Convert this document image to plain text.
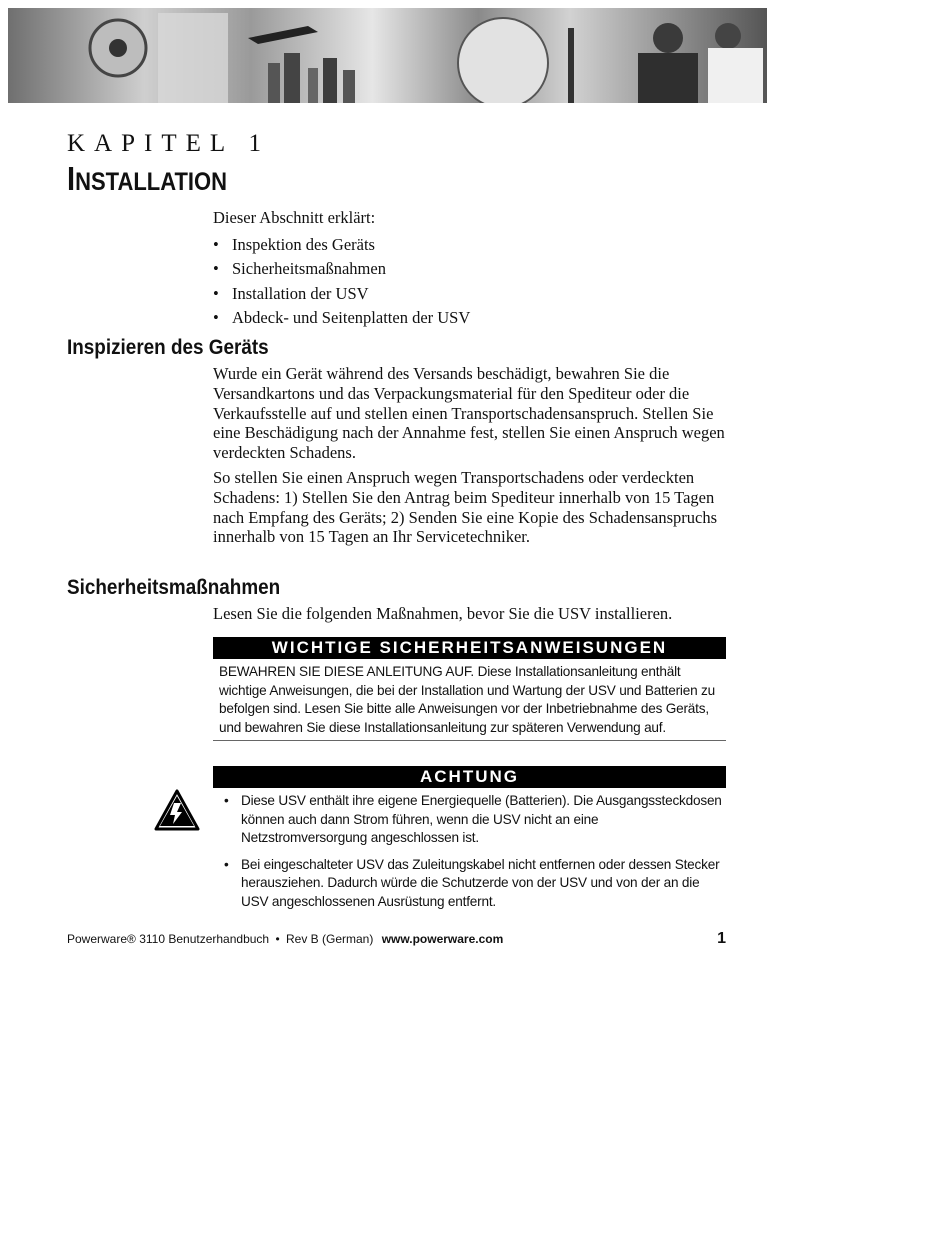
KAPITEL 1
INSTALLATION
Dieser Abschnitt erklärt:
• Inspektion des Geräts
• Sicherheitsmaßnahmen
• Installation der USV
• Abdeck- und Seitenplatten der USV
Inspizieren des Geräts

Wurde ein Gerät während des Versands beschädigt, bewahren Sie die Versandkartons und das Verpackungsmaterial für den Spediteur oder die Verkaufsstelle auf und stellen einen Transportschadensanspruch. Stellen Sie eine Beschädigung nach der Annahme fest, stellen Sie einen Anspruch wegen verdeckten Schadens.

So stellen Sie einen Anspruch wegen Transportschadens oder verdeckten Schadens: 1) Stellen Sie den Antrag beim Spediteur innerhalb von 15 Tagen nach Empfang des Geräts; 2) Senden Sie eine Kopie des Schadensanspruchs innerhalb von 15 Tagen an Ihr Servicetechniker.

Sicherheitsmaßnahmen

Lesen Sie die folgenden Maßnahmen, bevor Sie die USV installieren.

WICHTIGE SICHERHEITSANWEISUNGEN
BEWAHREN SIE DIESE ANLEITUNG AUF. Diese Installationsanleitung enthält wichtige Anweisungen, die bei der Installation und Wartung der USV und Batterien zu befolgen sind. Lesen Sie bitte alle Anweisungen vor der Inbetriebnahme des Geräts, und bewahren Sie diese Installationsanleitung zur späteren Verwendung auf.
ACHTUNG
• Diese USV enthält ihre eigene Energiequelle (Batterien). Die Ausgangssteckdosen können auch dann Strom führen, wenn die USV nicht an eine Netzstromversorgung angeschlossen ist.
• Bei eingeschalteter USV das Zuleitungskabel nicht entfernen oder dessen Stecker herausziehen. Dadurch würde die Schutzerde von der USV und von der an die USV angeschlossenen Ausrüstung entfernt.
Powerware® 3110 Benutzerhandbuch • Rev B (German) www.powerware.com	1
